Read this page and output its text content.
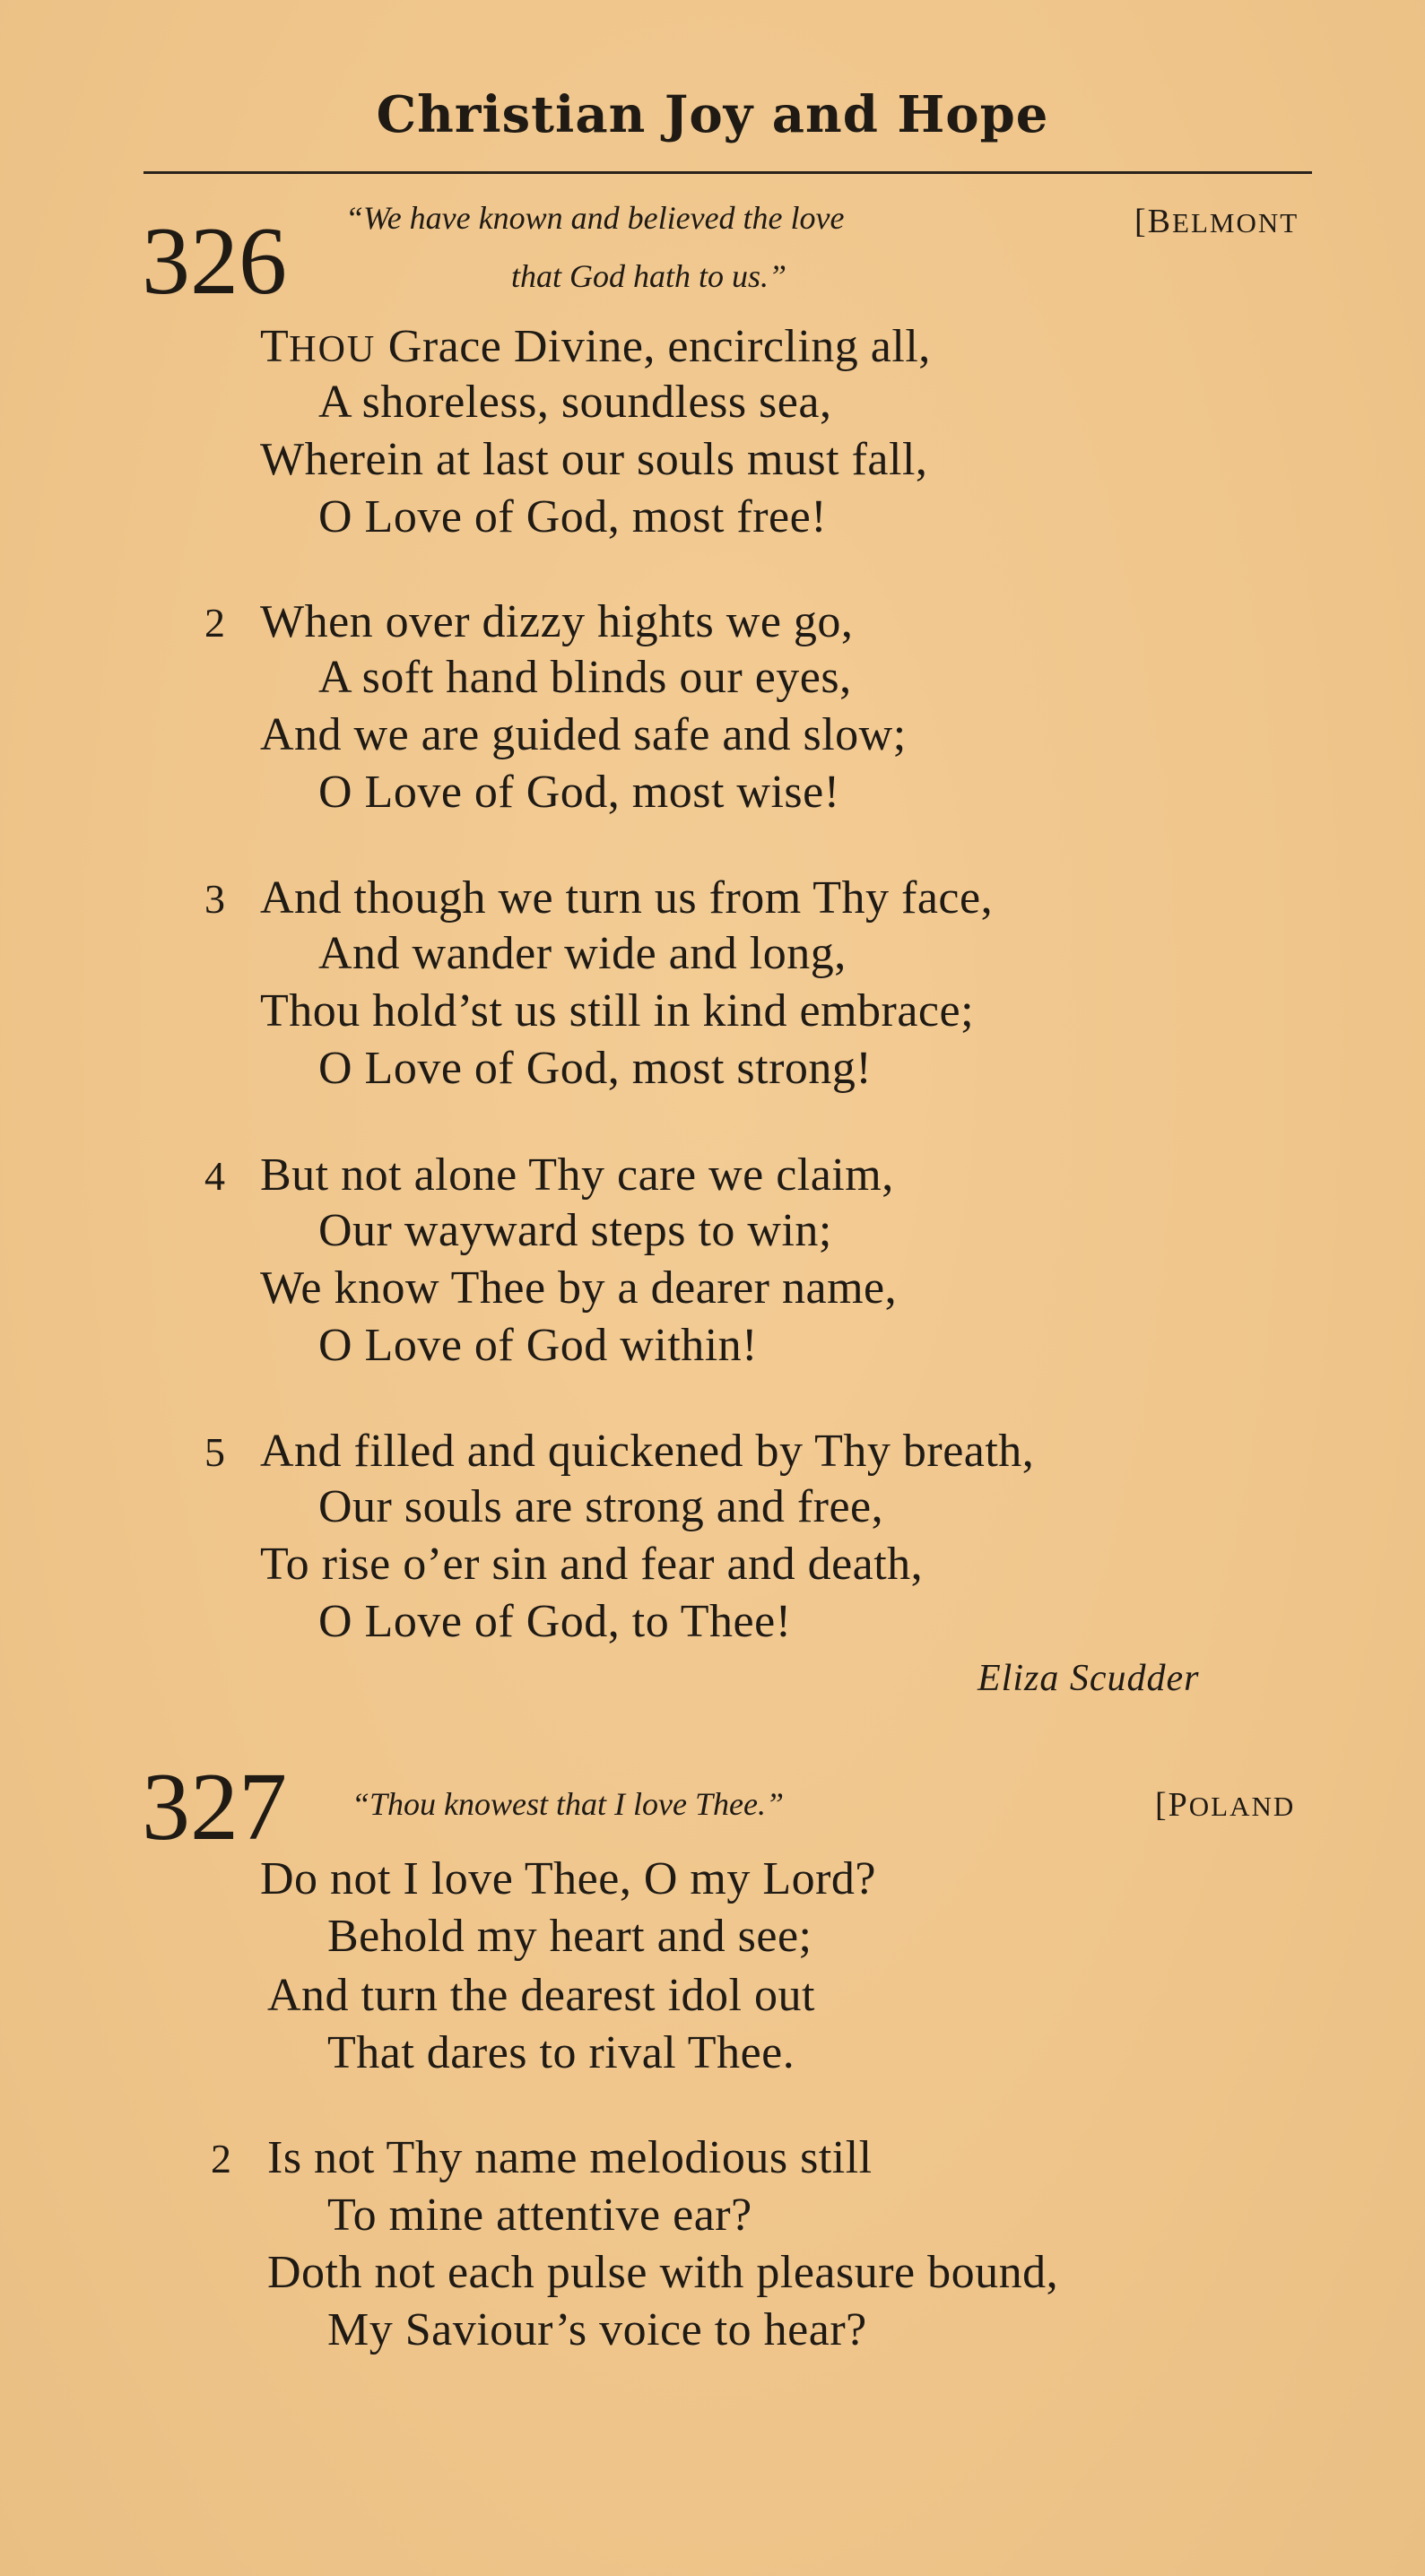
Christian Joy and Hope
326 “We have known and believed the love
that God hath to us.”
[BELMONT
THOU Grace Divine, encircling all,
A shoreless, soundless sea,
Wherein at last our souls must fall,
O Love of God, most free!
2 When over dizzy hights we go,
A soft hand blinds our eyes,
And we are guided safe and slow;
O Love of God, most wise!
3 And though we turn us from Thy face,
And wander wide and long,
Thou hold’st us still in kind embrace;
O Love of God, most strong!
4 But not alone Thy care we claim,
Our wayward steps to win;
We know Thee by a dearer name,
O Love of God within!
5 And filled and quickened by Thy breath,
Our souls are strong and free,
To rise o’er sin and fear and death,
O Love of God, to Thee!
Eliza Scudder
327 “Thou knowest that I love Thee.”	[POLAND
Do not I love Thee, O my Lord?
Behold my heart and see;
And turn the dearest idol out
That dares to rival Thee.
2 Is not Thy name melodious still
To mine attentive ear?
Doth not each pulse with pleasure bound,
My Saviour’s voice to hear?
